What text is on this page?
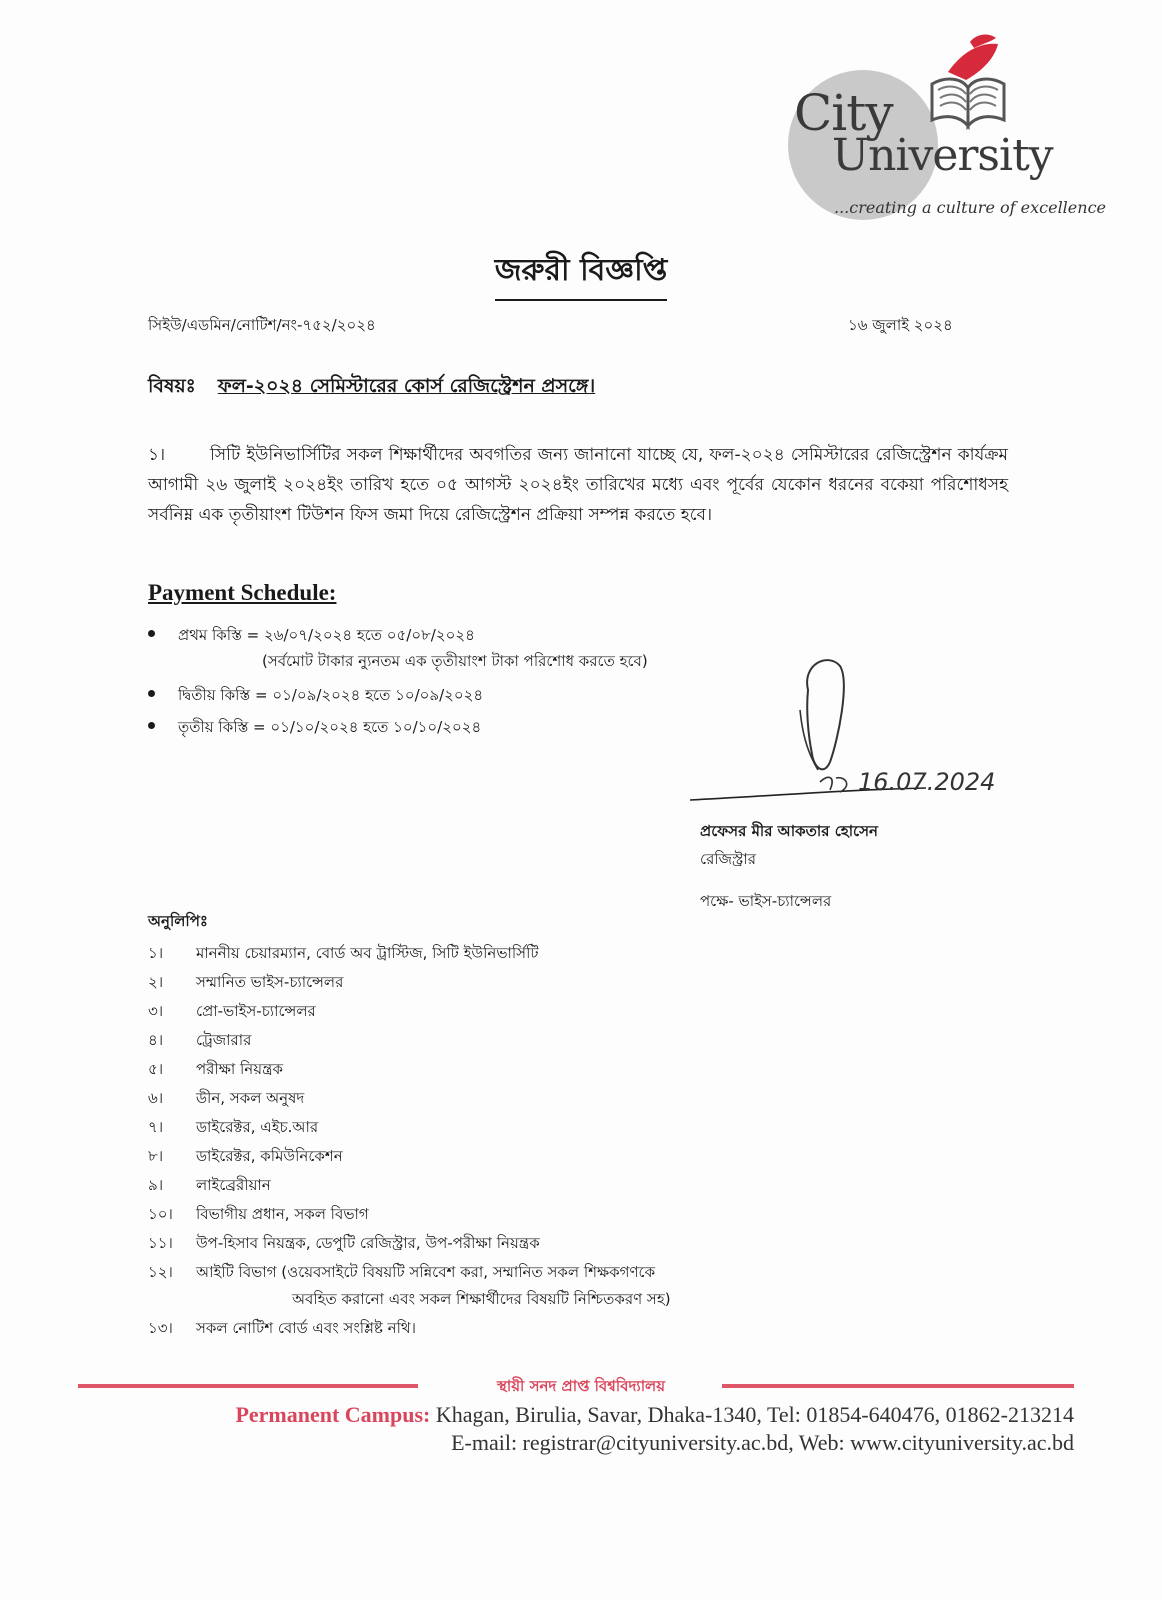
City
University
...creating a culture of excellence
জরুরী বিজ্ঞপ্তি
সিইউ/এডমিন/নোটিশ/নং-৭৫২/২০২৪	১৬ জুলাই ২০২৪
বিষয়ঃ ফল-২০২৪ সেমিস্টারের কোর্স রেজিস্ট্রেশন প্রসঙ্গে।
১।	সিটি ইউনিভার্সিটির সকল শিক্ষার্থীদের অবগতির জন্য জানানো যাচ্ছে যে, ফল-২০২৪ সেমিস্টারের রেজিস্ট্রেশন কার্যক্রম আগামী ২৬ জুলাই ২০২৪ইং তারিখ হতে ০৫ আগস্ট ২০২৪ইং তারিখের মধ্যে এবং পূর্বের যেকোন ধরনের বকেয়া পরিশোধসহ সর্বনিম্ন এক তৃতীয়াংশ টিউশন ফিস জমা দিয়ে রেজিস্ট্রেশন প্রক্রিয়া সম্পন্ন করতে হবে।
Payment Schedule:
প্রথম কিস্তি = ২৬/০৭/২০২৪ হতে ০৫/০৮/২০২৪
(সর্বমোট টাকার ন্যুনতম এক তৃতীয়াংশ টাকা পরিশোধ করতে হবে)
দ্বিতীয় কিস্তি = ০১/০৯/২০২৪ হতে ১০/০৯/২০২৪
তৃতীয় কিস্তি = ০১/১০/২০২৪ হতে ১০/১০/২০২৪
16.07.2024
প্রফেসর মীর আকতার হোসেন
রেজিস্ট্রার
পক্ষে- ভাইস-চ্যান্সেলর
অনুলিপিঃ
১। মাননীয় চেয়ারম্যান, বোর্ড অব ট্রাস্টিজ, সিটি ইউনিভার্সিটি
২। সম্মানিত ভাইস-চ্যান্সেলর
৩। প্রো-ভাইস-চ্যান্সেলর
৪। ট্রেজারার
৫। পরীক্ষা নিয়ন্ত্রক
৬। ডীন, সকল অনুষদ
৭। ডাইরেক্টর, এইচ.আর
৮। ডাইরেক্টর, কমিউনিকেশন
৯। লাইব্রেরীয়ান
১০। বিভাগীয় প্রধান, সকল বিভাগ
১১। উপ-হিসাব নিয়ন্ত্রক, ডেপুটি রেজিস্ট্রার, উপ-পরীক্ষা নিয়ন্ত্রক
১২। আইটি বিভাগ (ওয়েবসাইটে বিষয়টি সন্নিবেশ করা, সম্মানিত সকল শিক্ষকগণকে
অবহিত করানো এবং সকল শিক্ষার্থীদের বিষয়টি নিশ্চিতকরণ সহ)
১৩। সকল নোটিশ বোর্ড এবং সংশ্লিষ্ট নথি।
স্থায়ী সনদ প্রাপ্ত বিশ্ববিদ্যালয়
Permanent Campus: Khagan, Birulia, Savar, Dhaka-1340, Tel: 01854-640476, 01862-213214
E-mail: registrar@cityuniversity.ac.bd, Web: www.cityuniversity.ac.bd
